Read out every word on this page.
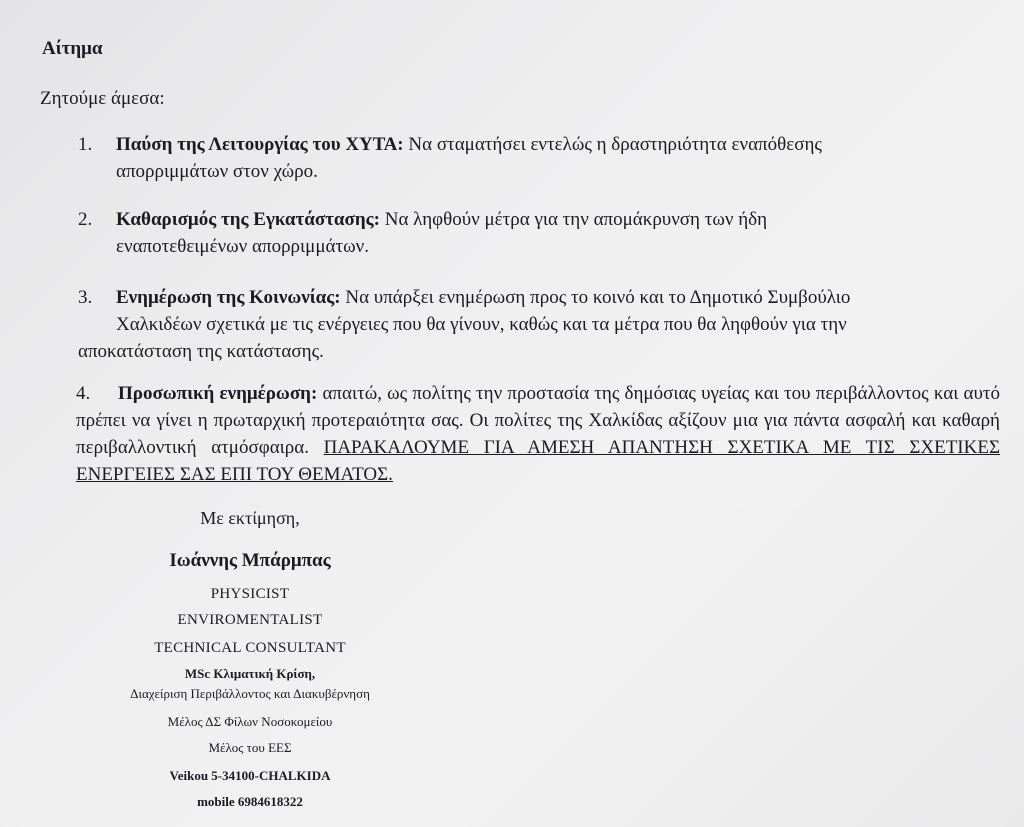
Αίτημα
Ζητούμε άμεσα:
1. Παύση της Λειτουργίας του ΧΥΤΑ: Να σταματήσει εντελώς η δραστηριότητα εναπόθεσης
απορριμμάτων στον χώρο.
2. Καθαρισμός της Εγκατάστασης: Να ληφθούν μέτρα για την απομάκρυνση των ήδη
εναποτεθειμένων απορριμμάτων.
3. Ενημέρωση της Κοινωνίας: Να υπάρξει ενημέρωση προς το κοινό και το Δημοτικό Συμβούλιο
Χαλκιδέων σχετικά με τις ενέργειες που θα γίνουν, καθώς και τα μέτρα που θα ληφθούν για την
αποκατάσταση της κατάστασης.
4. Προσωπική ενημέρωση: απαιτώ, ως πολίτης την προστασία της δημόσιας υγείας και του περιβάλλοντος και αυτό πρέπει να γίνει η πρωταρχική προτεραιότητα σας. Οι πολίτες της Χαλκίδας αξίζουν μια για πάντα ασφαλή και καθαρή περιβαλλοντική ατμόσφαιρα. ΠΑΡΑΚΑΛΟΥΜΕ ΓΙΑ ΑΜΕΣΗ ΑΠΑΝΤΗΣΗ ΣΧΕΤΙΚΑ ΜΕ ΤΙΣ ΣΧΕΤΙΚΕΣ ΕΝΕΡΓΕΙΕΣ ΣΑΣ ΕΠΙ ΤΟΥ ΘΕΜΑΤΟΣ.
Με εκτίμηση,
Ιωάννης Μπάρμπας
PHYSICIST
ENVIROMENTALIST
TECHNICAL CONSULTANT
MSc Κλιματική Κρίση,
Διαχείριση Περιβάλλοντος και Διακυβέρνηση
Μέλος ΔΣ Φίλων Νοσοκομείου
Μέλος του ΕΕΣ
Veikou 5-34100-CHALKIDA
mobile 6984618322
